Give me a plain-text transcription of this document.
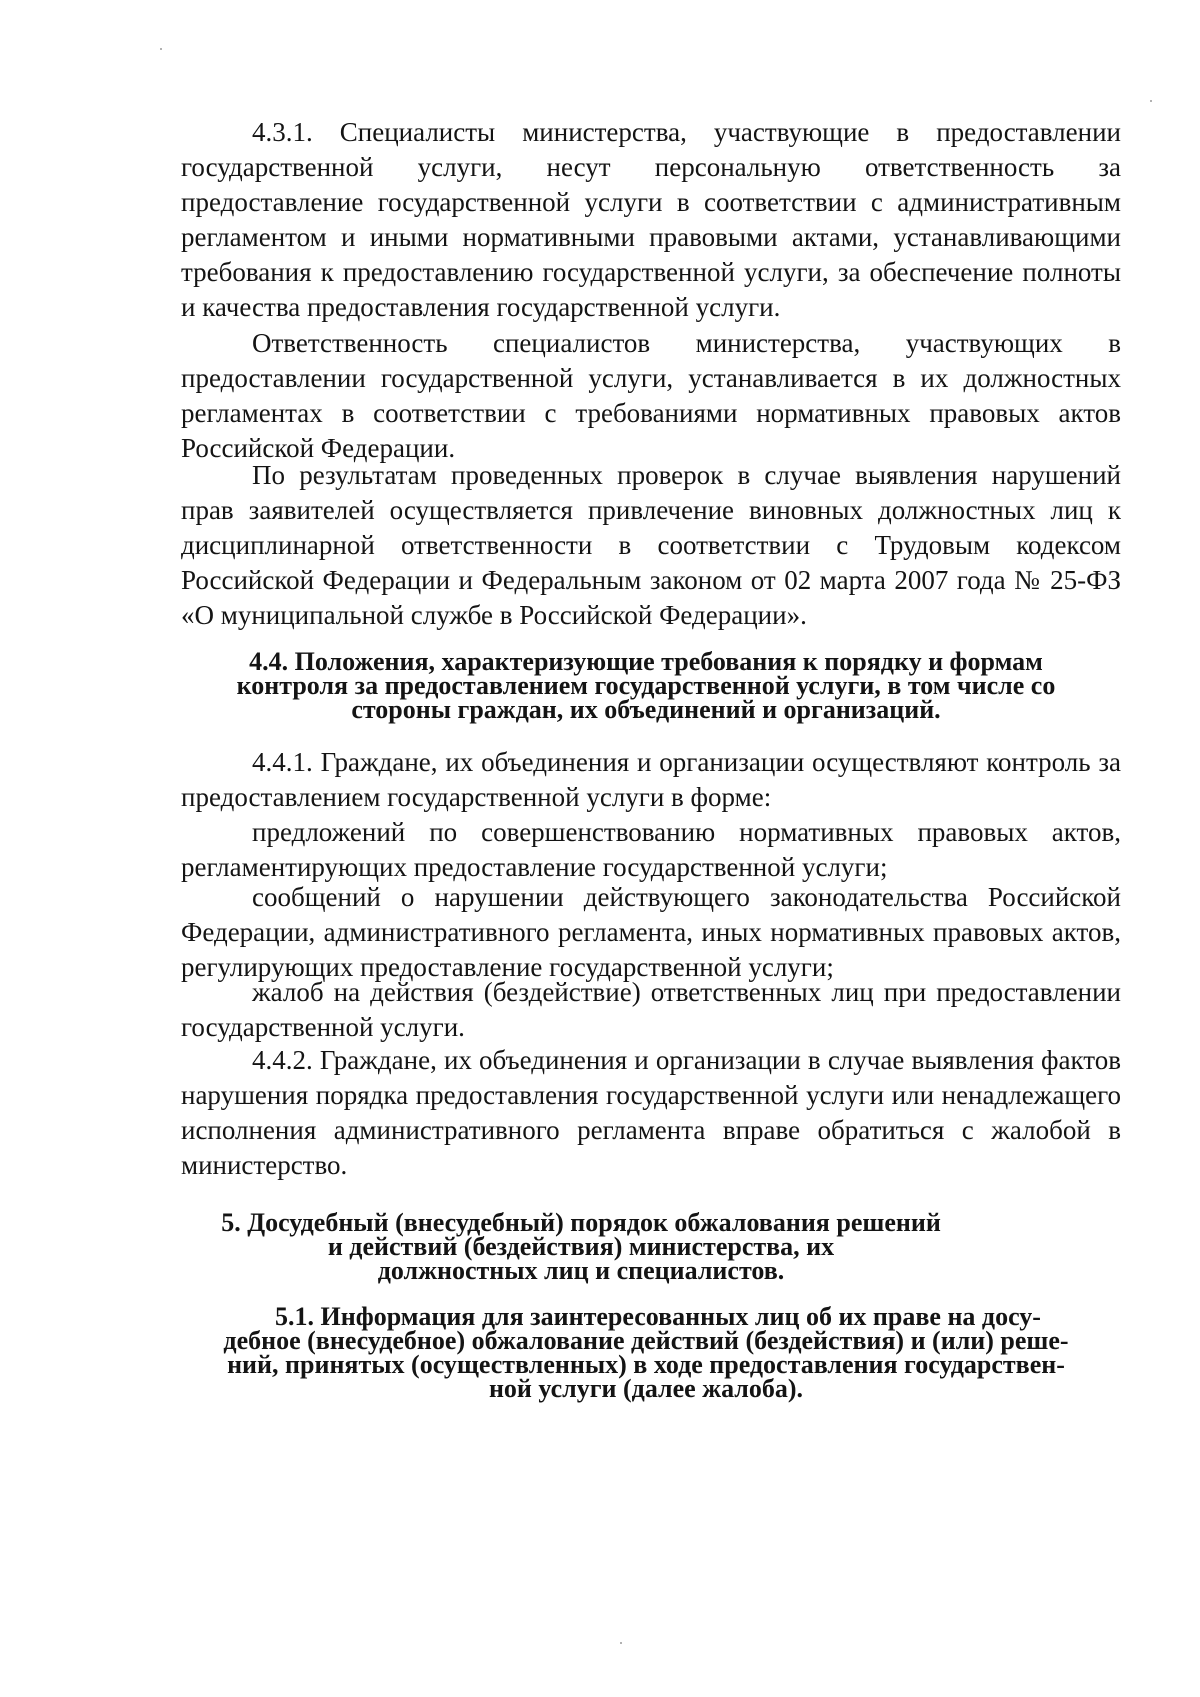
4.3.1. Специалисты министерства, участвующие в предоставлении государственной услуги, несут персональную ответственность за предоставление государственной услуги в соответствии с административным регламентом и иными нормативными правовыми актами, устанавливающими требования к предоставлению государственной услуги, за обеспечение полноты и качества предоставления государственной услуги.

Ответственность специалистов министерства, участвующих в предоставлении государственной услуги, устанавливается в их должностных регламентах в соответствии с требованиями нормативных правовых актов Российской Федерации.

По результатам проведенных проверок в случае выявления нарушений прав заявителей осуществляется привлечение виновных должностных лиц к дисциплинарной ответственности в соответствии с Трудовым кодексом Российской Федерации и Федеральным законом от 02 марта 2007 года № 25-ФЗ «О муниципальной службе в Российской Федерации».

4.4. Положения, характеризующие требования к порядку и формам
контроля за предоставлением государственной услуги, в том числе со
стороны граждан, их объединений и организаций.

4.4.1. Граждане, их объединения и организации осуществляют контроль за предоставлением государственной услуги в форме:

предложений по совершенствованию нормативных правовых актов, регламентирующих предоставление государственной услуги;

сообщений о нарушении действующего законодательства Российской Федерации, административного регламента, иных нормативных правовых актов, регулирующих предоставление государственной услуги;

жалоб на действия (бездействие) ответственных лиц при предоставлении государственной услуги.

4.4.2. Граждане, их объединения и организации в случае выявления фактов нарушения порядка предоставления государственной услуги или ненадлежащего исполнения административного регламента вправе обратиться с жалобой в министерство.

5. Досудебный (внесудебный) порядок обжалования решений
и действий (бездействия) министерства, их
должностных лиц и специалистов.
5.1. Информация для заинтересованных лиц об их праве на досу-
дебное (внесудебное) обжалование действий (бездействия) и (или) реше-
ний, принятых (осуществленных) в ходе предоставления государствен-
ной услуги (далее жалоба).
